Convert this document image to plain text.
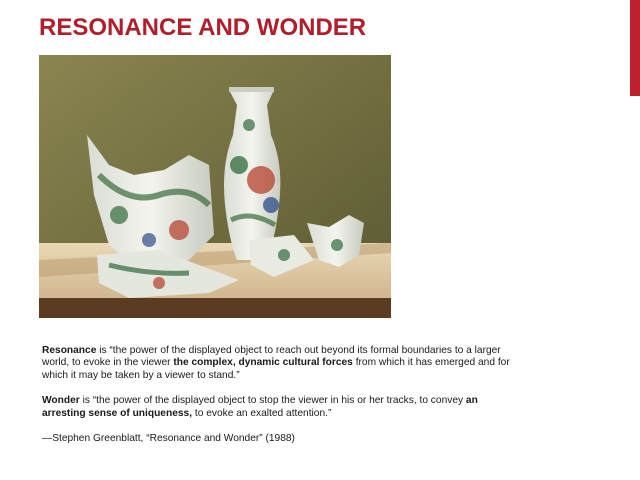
RESONANCE AND WONDER

Resonance is “the power of the displayed object to reach out beyond its formal boundaries to a larger world, to evoke in the viewer the complex, dynamic cultural forces from which it has emerged and for which it may be taken by a viewer to stand.”

Wonder is “the power of the displayed object to stop the viewer in his or her tracks, to convey an arresting sense of uniqueness, to evoke an exalted attention.”

—Stephen Greenblatt, “Resonance and Wonder” (1988)
